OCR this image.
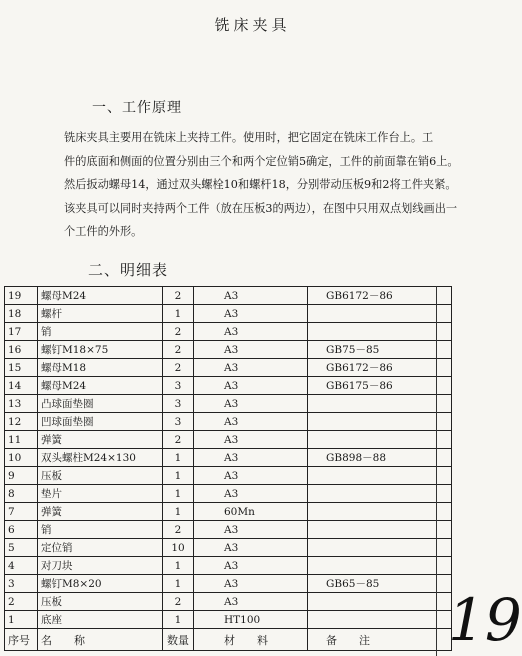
铣床夹具
一、工作原理
铣床夹具主要用在铣床上夹持工件。使用时，把它固定在铣床工作台上。工
件的底面和侧面的位置分别由三个和两个定位销5确定，工件的前面靠在销6上。
然后扳动螺母14，通过双头螺栓10和螺杆18，分别带动压板9和2将工件夹紧。
该夹具可以同时夹持两个工件（放在压板3的两边），在图中只用双点划线画出一
个工件的外形。
二、明细表
19	螺母M24	2	A3	GB6172－86
18	螺杆	1	A3	
17	销	2	A3	
16	螺钉M18×75	2	A3	GB75－85
15	螺母M18	2	A3	GB6172－86
14	螺母M24	3	A3	GB6175－86
13	凸球面垫圈	3	A3	
12	凹球面垫圈	3	A3	
11	弹簧	2	A3	
10	双头螺柱M24×130	1	A3	GB898－88
9	压板	1	A3	
8	垫片	1	A3	
7	弹簧	1	60Mn	
6	销	2	A3	
5	定位销	10	A3	
4	对刀块	1	A3	
3	螺钉M8×20	1	A3	GB65－85
2	压板	2	A3	
1	底座	1	HT100	
序号	名　　称	数量	材　　料	备　　注 19
